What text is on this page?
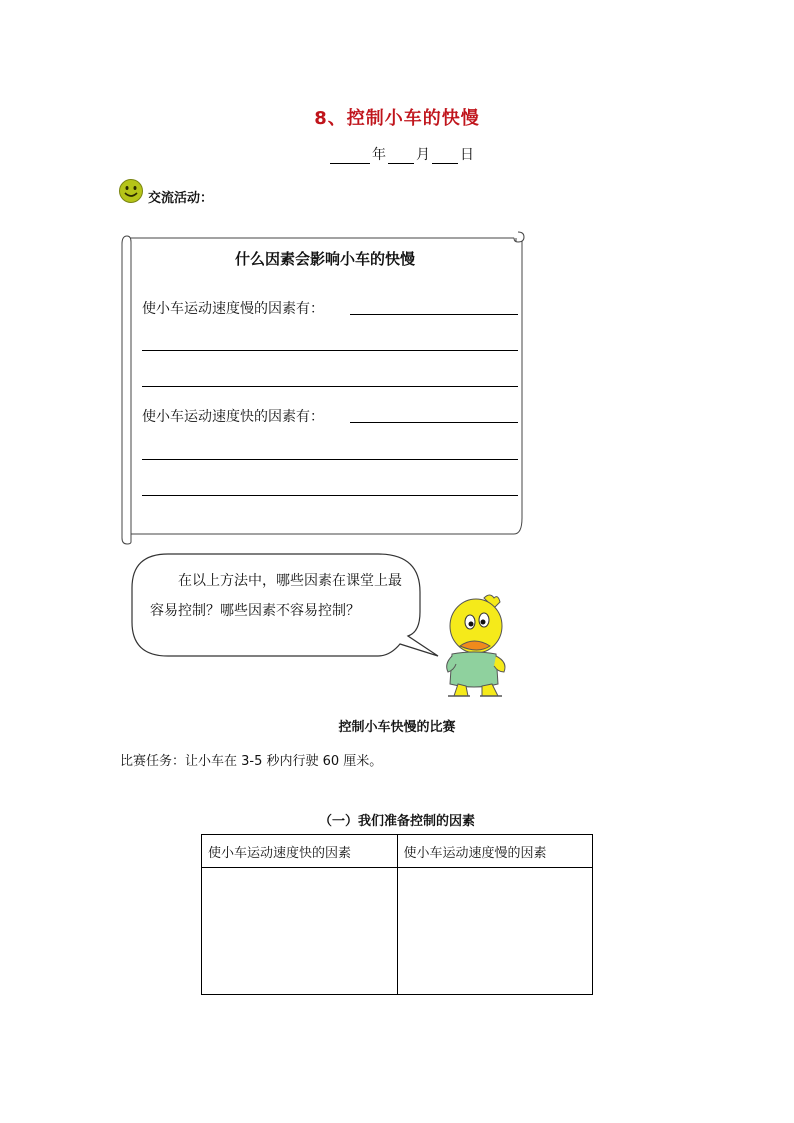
8、控制小车的快慢
年 月 日
交流活动：
什么因素会影响小车的快慢
使小车运动速度慢的因素有：
使小车运动速度快的因素有：
在以上方法中，哪些因素在课堂上最容易控制？哪些因素不容易控制？
控制小车快慢的比赛
比赛任务：让小车在 3-5 秒内行驶 60 厘米。
（一）我们准备控制的因素
使小车运动速度快的因素	使小车运动速度慢的因素
